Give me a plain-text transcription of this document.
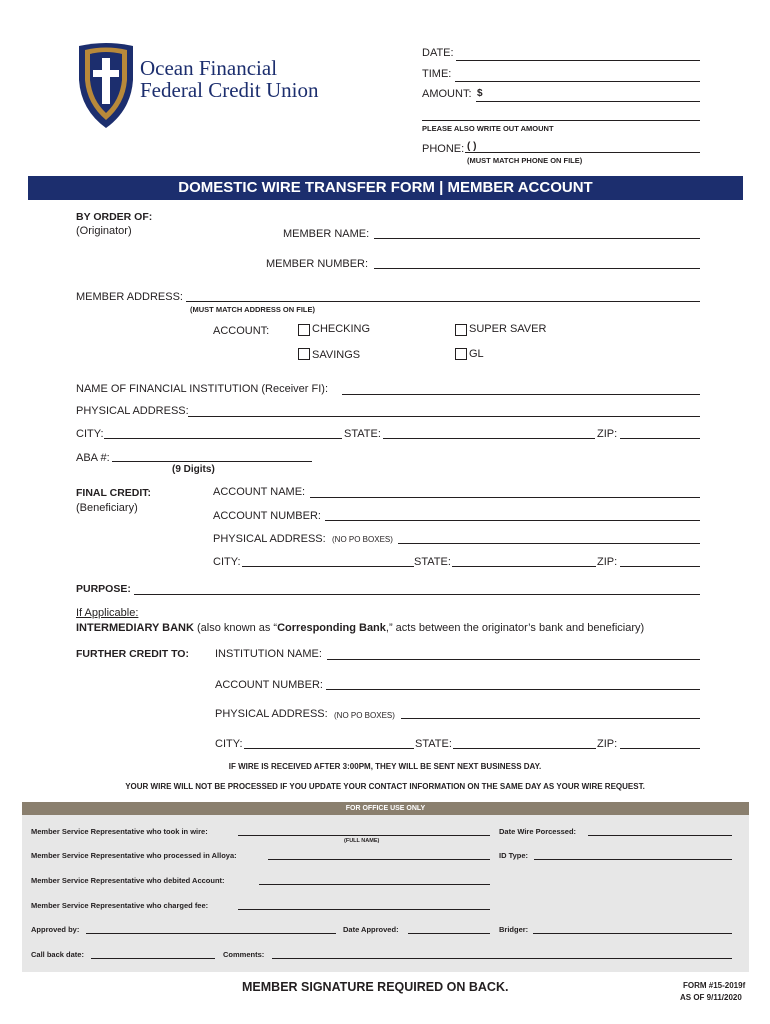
Ocean Financial
Federal Credit Union
DATE:
TIME:
AMOUNT: $
PLEASE ALSO WRITE OUT AMOUNT
PHONE: ( )
(MUST MATCH PHONE ON FILE)
DOMESTIC WIRE TRANSFER FORM | MEMBER ACCOUNT
BY ORDER OF:
(Originator)	MEMBER NAME:
MEMBER NUMBER:
MEMBER ADDRESS:
(MUST MATCH ADDRESS ON FILE)
ACCOUNT:	CHECKING	SUPER SAVER
SAVINGS	GL
NAME OF FINANCIAL INSTITUTION (Receiver FI):
PHYSICAL ADDRESS:
CITY:	STATE:	ZIP:
ABA #:
(9 Digits)
FINAL CREDIT:
(Beneficiary)
ACCOUNT NAME:
ACCOUNT NUMBER:
PHYSICAL ADDRESS: (NO PO BOXES)
CITY:	STATE:	ZIP:
PURPOSE:
If Applicable:
INTERMEDIARY BANK (also known as “Corresponding Bank,” acts between the originator’s bank and beneficiary)
FURTHER CREDIT TO: INSTITUTION NAME:
ACCOUNT NUMBER:
PHYSICAL ADDRESS: (NO PO BOXES)
CITY:	STATE:	ZIP:
IF WIRE IS RECEIVED AFTER 3:00PM, THEY WILL BE SENT NEXT BUSINESS DAY.
YOUR WIRE WILL NOT BE PROCESSED IF YOU UPDATE YOUR CONTACT INFORMATION ON THE SAME DAY AS YOUR WIRE REQUEST.
FOR OFFICE USE ONLY
Member Service Representative who took in wire:
(FULL NAME)
Date Wire Porcessed:
Member Service Representative who processed in Alloya:	ID Type:
Member Service Representative who debited Account:
Member Service Representative who charged fee:
Approved by:	Date Approved:	Bridger:
Call back date:	Comments:
MEMBER SIGNATURE REQUIRED ON BACK.	FORM #15-2019f
AS OF 9/11/2020
